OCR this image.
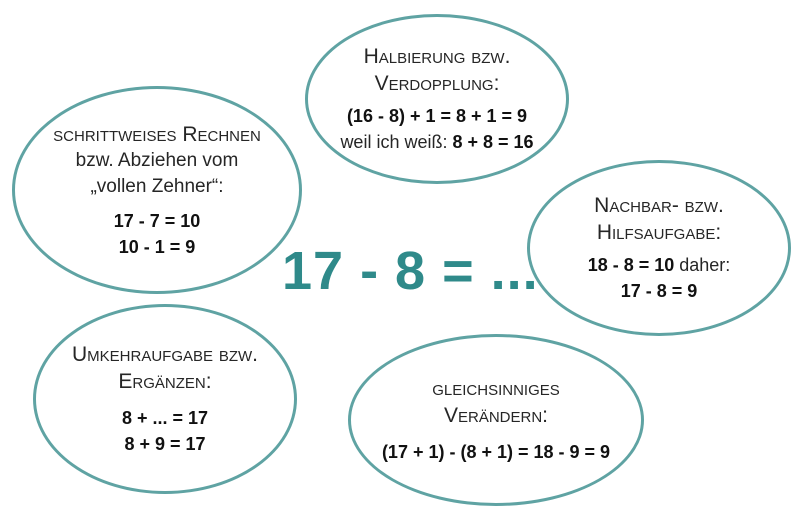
Halbierung bzw.
Verdopplung:
(16 - 8) + 1 = 8 + 1 = 9
weil ich weiß: 8 + 8 = 16
schrittweises Rechnen
bzw. Abziehen vom
„vollen Zehner“:
17 - 7 = 10
10 - 1 = 9
Nachbar- bzw.
Hilfsaufgabe:
18 - 8 = 10 daher:
17 - 8 = 9
17 - 8 = ...
Umkehraufgabe bzw.
Ergänzen:
8 + ... = 17
8 + 9 = 17
gleichsinniges
Verändern:
(17 + 1) - (8 + 1) = 18 - 9 = 9
